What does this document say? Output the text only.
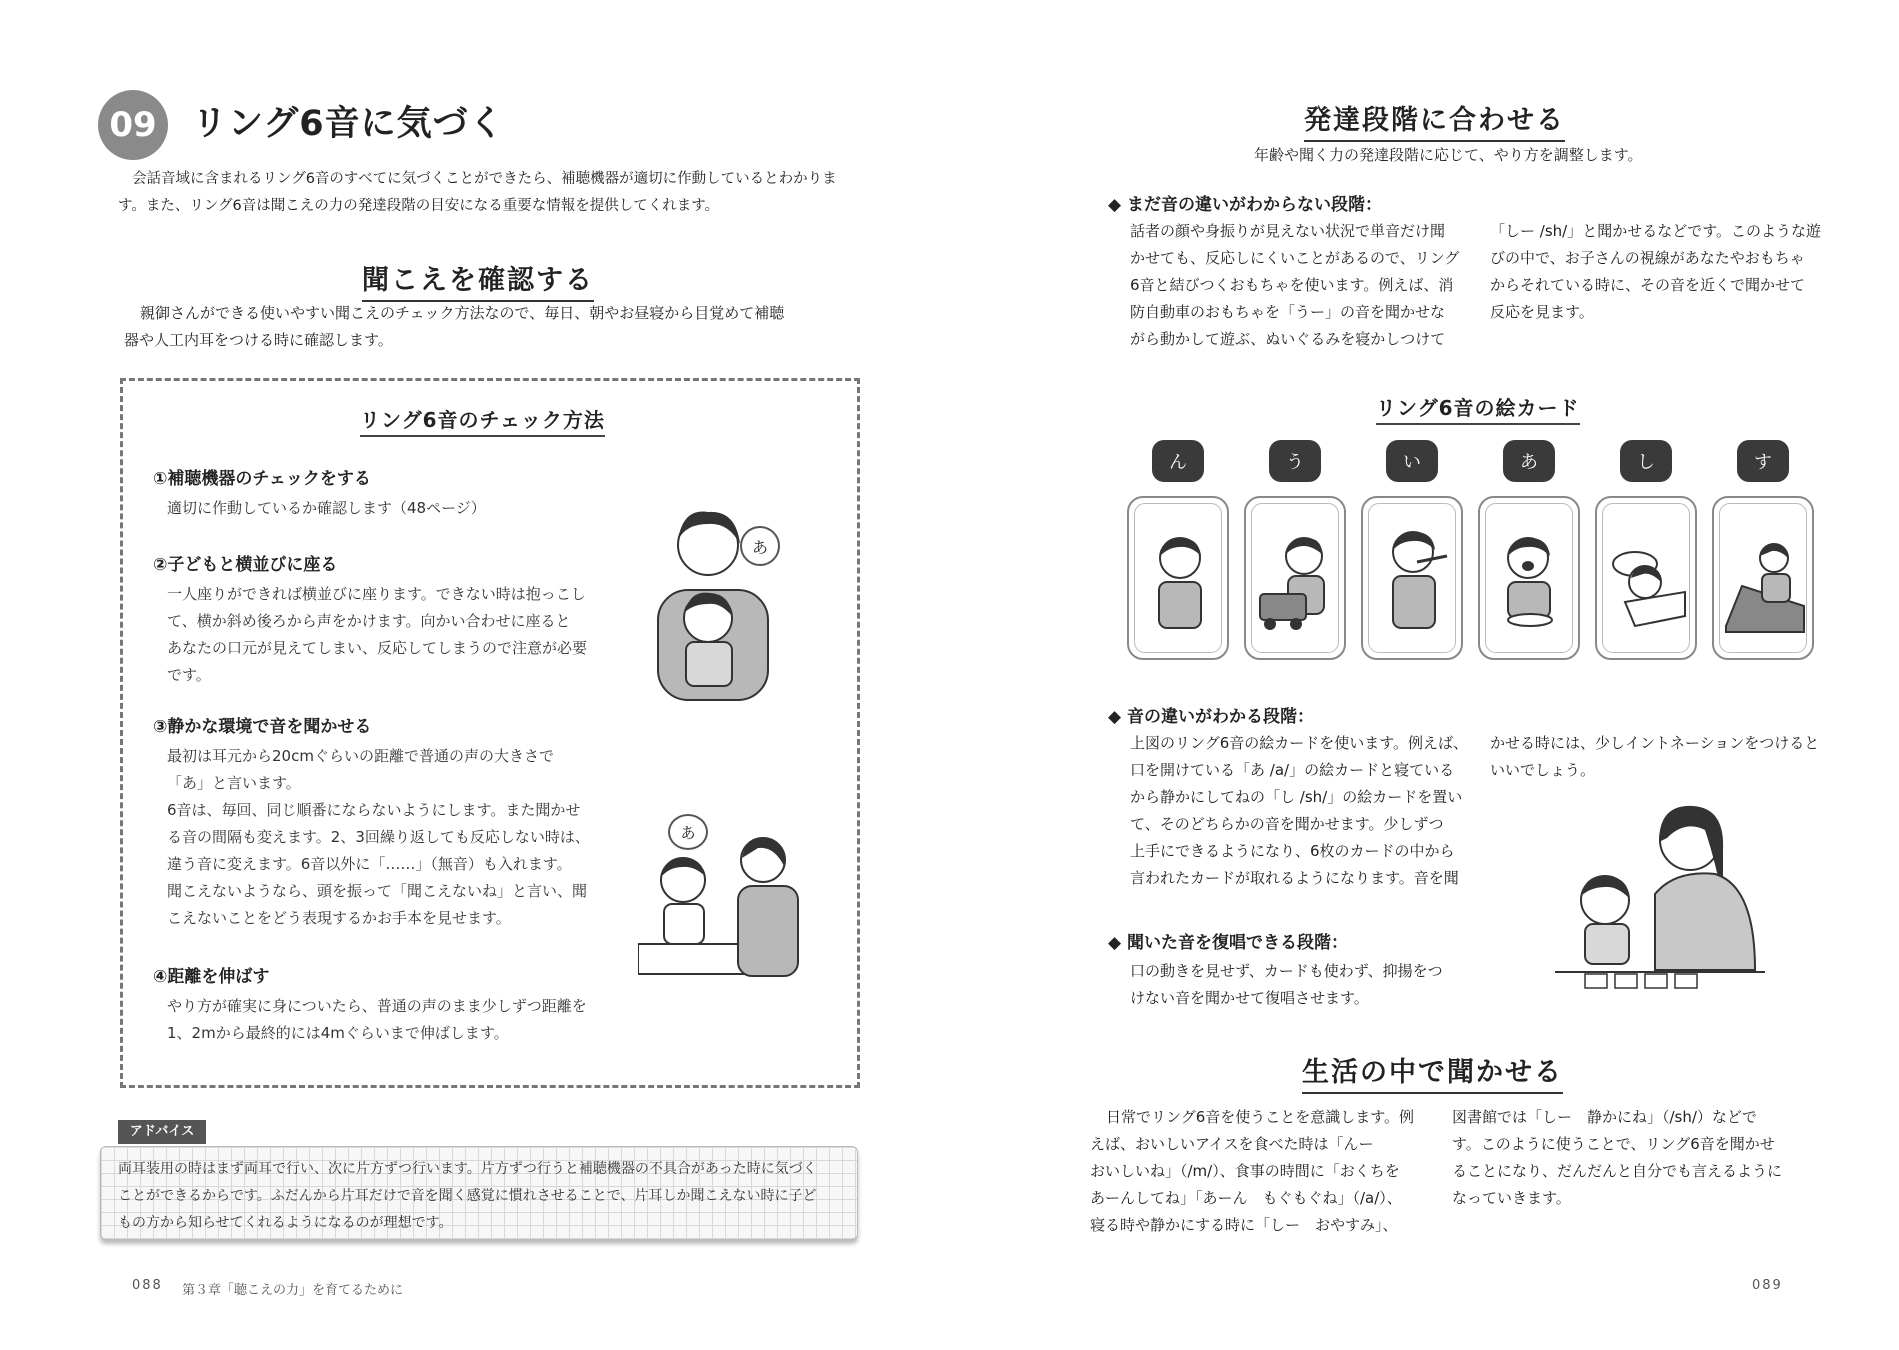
09 リング6音に気づく
会話音域に含まれるリング6音のすべてに気づくことができたら、補聴機器が適切に作動しているとわかりま
す。また、リング6音は聞こえの力の発達段階の目安になる重要な情報を提供してくれます。
聞こえを確認する
親御さんができる使いやすい聞こえのチェック方法なので、毎日、朝やお昼寝から目覚めて補聴
器や人工内耳をつける時に確認します。
リング6音のチェック方法
①補聴機器のチェックをする
適切に作動しているか確認します（48ページ）
②子どもと横並びに座る
一人座りができれば横並びに座ります。できない時は抱っこし
て、横か斜め後ろから声をかけます。向かい合わせに座ると
あなたの口元が見えてしまい、反応してしまうので注意が必要
です。
③静かな環境で音を聞かせる
最初は耳元から20cmぐらいの距離で普通の声の大きさで
「あ」と言います。
6音は、毎回、同じ順番にならないようにします。また聞かせ
る音の間隔も変えます。2、3回繰り返しても反応しない時は、
違う音に変えます。6音以外に「……」（無音）も入れます。
聞こえないようなら、頭を振って「聞こえないね」と言い、聞
こえないことをどう表現するかお手本を見せます。
④距離を伸ばす
やり方が確実に身についたら、普通の声のまま少しずつ距離を
1、2mから最終的には4mぐらいまで伸ばします。
あ
あ
アドバイス
両耳装用の時はまず両耳で行い、次に片方ずつ行います。片方ずつ行うと補聴機器の不具合があった時に気づく
ことができるからです。ふだんから片耳だけで音を聞く感覚に慣れさせることで、片耳しか聞こえない時に子ど
もの方から知らせてくれるようになるのが理想です。
088 第３章「聴こえの力」を育てるために
発達段階に合わせる
年齢や聞く力の発達段階に応じて、やり方を調整します。
◆ まだ音の違いがわからない段階：
話者の顔や身振りが見えない状況で単音だけ聞
かせても、反応しにくいことがあるので、リング
6音と結びつくおもちゃを使います。例えば、消
防自動車のおもちゃを「うー」の音を聞かせな
がら動かして遊ぶ、ぬいぐるみを寝かしつけて
「しー /sh/」と聞かせるなどです。このような遊
びの中で、お子さんの視線があなたやおもちゃ
からそれている時に、その音を近くで聞かせて
反応を見ます。
リング6音の絵カード
ん	う	い	あ	し	す
◆ 音の違いがわかる段階：
上図のリング6音の絵カードを使います。例えば、
口を開けている「あ /a/」の絵カードと寝ている
から静かにしてねの「し /sh/」の絵カードを置い
て、そのどちらかの音を聞かせます。少しずつ
上手にできるようになり、6枚のカードの中から
言われたカードが取れるようになります。音を聞
かせる時には、少しイントネーションをつけると
いいでしょう。
◆ 聞いた音を復唱できる段階：
口の動きを見せず、カードも使わず、抑揚をつ
けない音を聞かせて復唱させます。
生活の中で聞かせる
日常でリング6音を使うことを意識します。例
えば、おいしいアイスを食べた時は「んー
おいしいね」（/m/）、食事の時間に「おくちを
あーんしてね」「あーん　もぐもぐね」（/a/）、
寝る時や静かにする時に「しー　おやすみ」、
図書館では「しー　静かにね」（/sh/）などで
す。このように使うことで、リング6音を聞かせ
ることになり、だんだんと自分でも言えるように
なっていきます。
089
